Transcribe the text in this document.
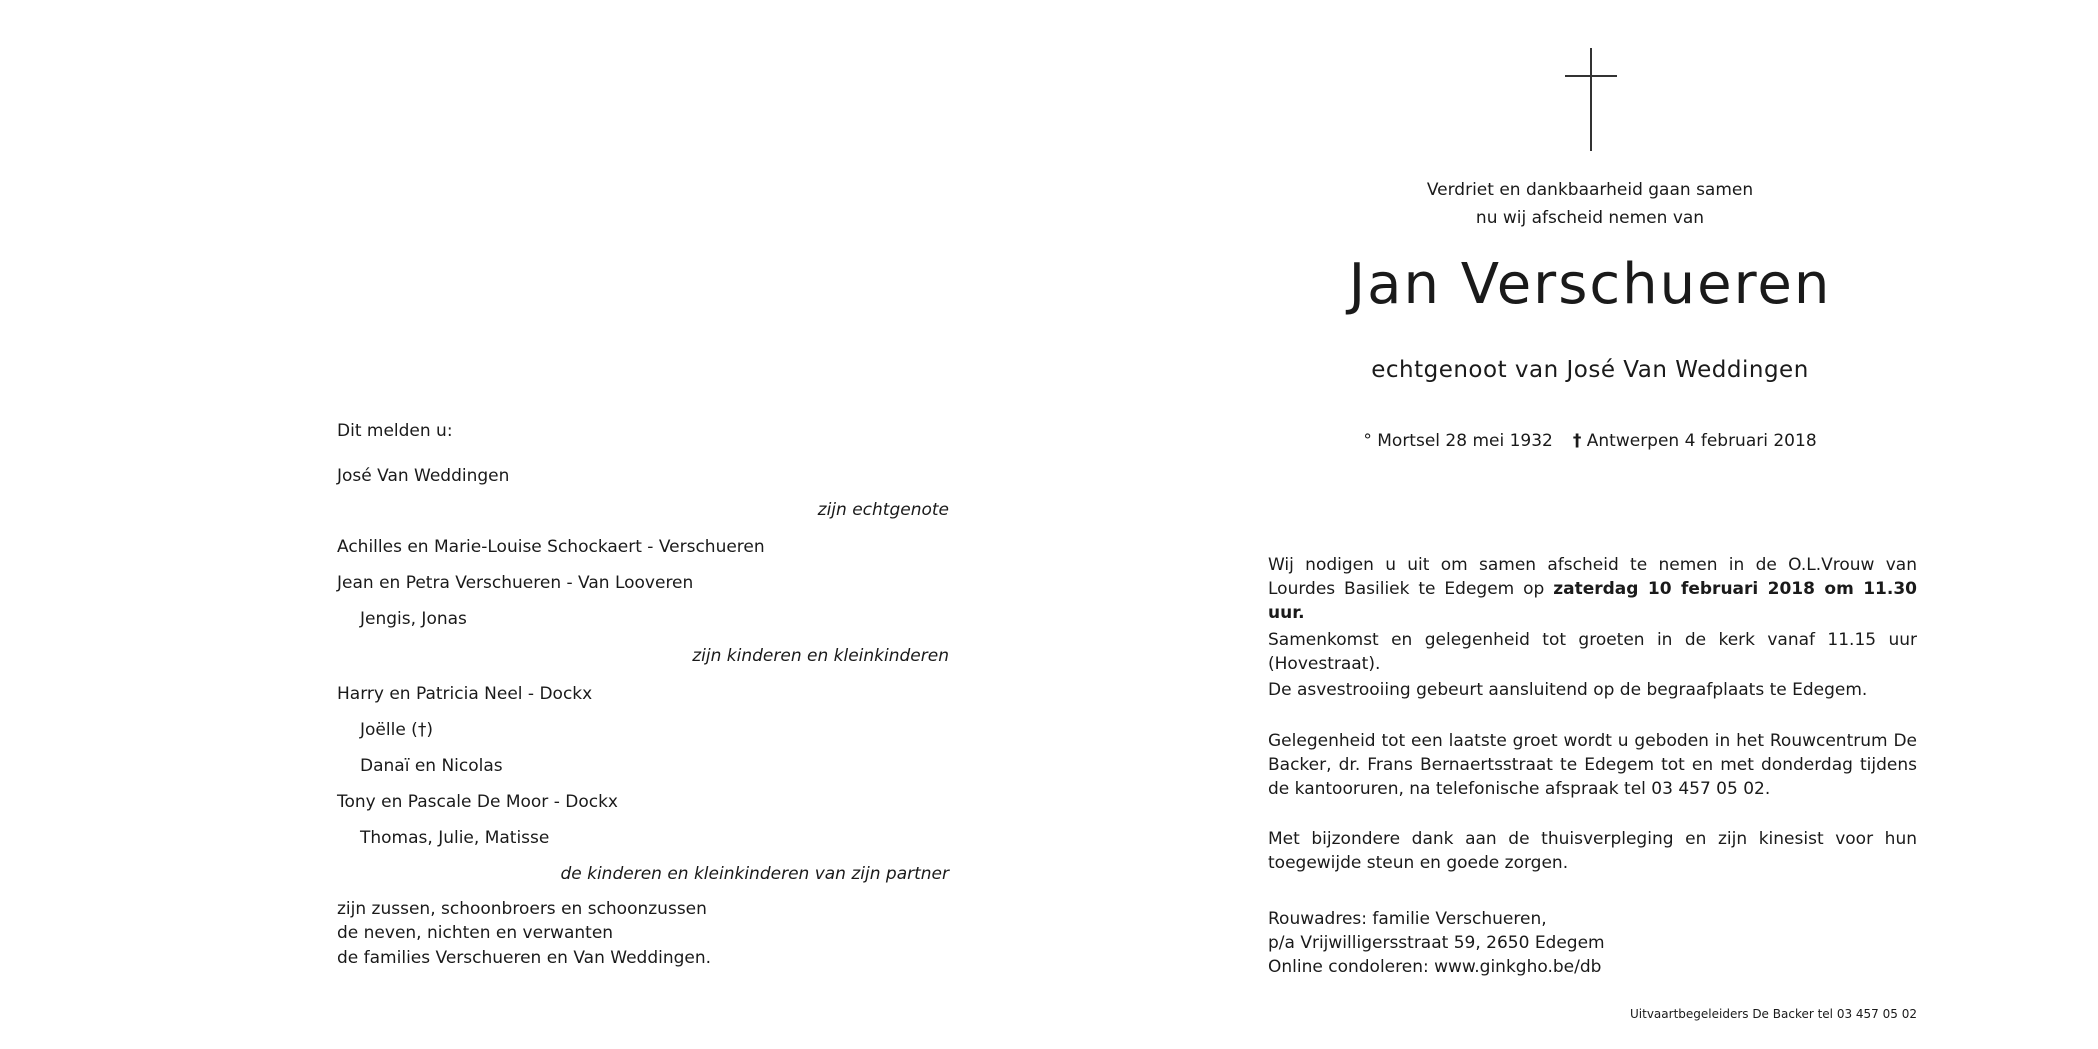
Dit melden u:
José Van Weddingen
zijn echtgenote
Achilles en Marie-Louise Schockaert - Verschueren
Jean en Petra Verschueren - Van Looveren
Jengis, Jonas
zijn kinderen en kleinkinderen
Harry en Patricia Neel - Dockx
Joëlle (†)
Danaï en Nicolas
Tony en Pascale De Moor - Dockx
Thomas, Julie, Matisse
de kinderen en kleinkinderen van zijn partner
zijn zussen, schoonbroers en schoonzussen
de neven, nichten en verwanten
de families Verschueren en Van Weddingen.
Verdriet en dankbaarheid gaan samen
nu wij afscheid nemen van
Jan Verschueren
echtgenoot van José Van Weddingen
° Mortsel 28 mei 1932 † Antwerpen 4 februari 2018

Wij nodigen u uit om samen afscheid te nemen in de O.L.Vrouw van Lourdes Basiliek te Edegem op zaterdag 10 februari 2018 om 11.30 uur.

Samenkomst en gelegenheid tot groeten in de kerk vanaf 11.15 uur (Hovestraat).

De asvestrooiing gebeurt aansluitend op de begraafplaats te Edegem.

Gelegenheid tot een laatste groet wordt u geboden in het Rouwcentrum De Backer, dr. Frans Bernaertsstraat te Edegem tot en met donderdag tijdens de kantooruren, na telefonische afspraak tel 03 457 05 02.

Met bijzondere dank aan de thuisverpleging en zijn kinesist voor hun toegewijde steun en goede zorgen.

Rouwadres: familie Verschueren,
p/a Vrijwilligersstraat 59, 2650 Edegem
Online condoleren: www.ginkgho.be/db
Uitvaartbegeleiders De Backer tel 03 457 05 02
